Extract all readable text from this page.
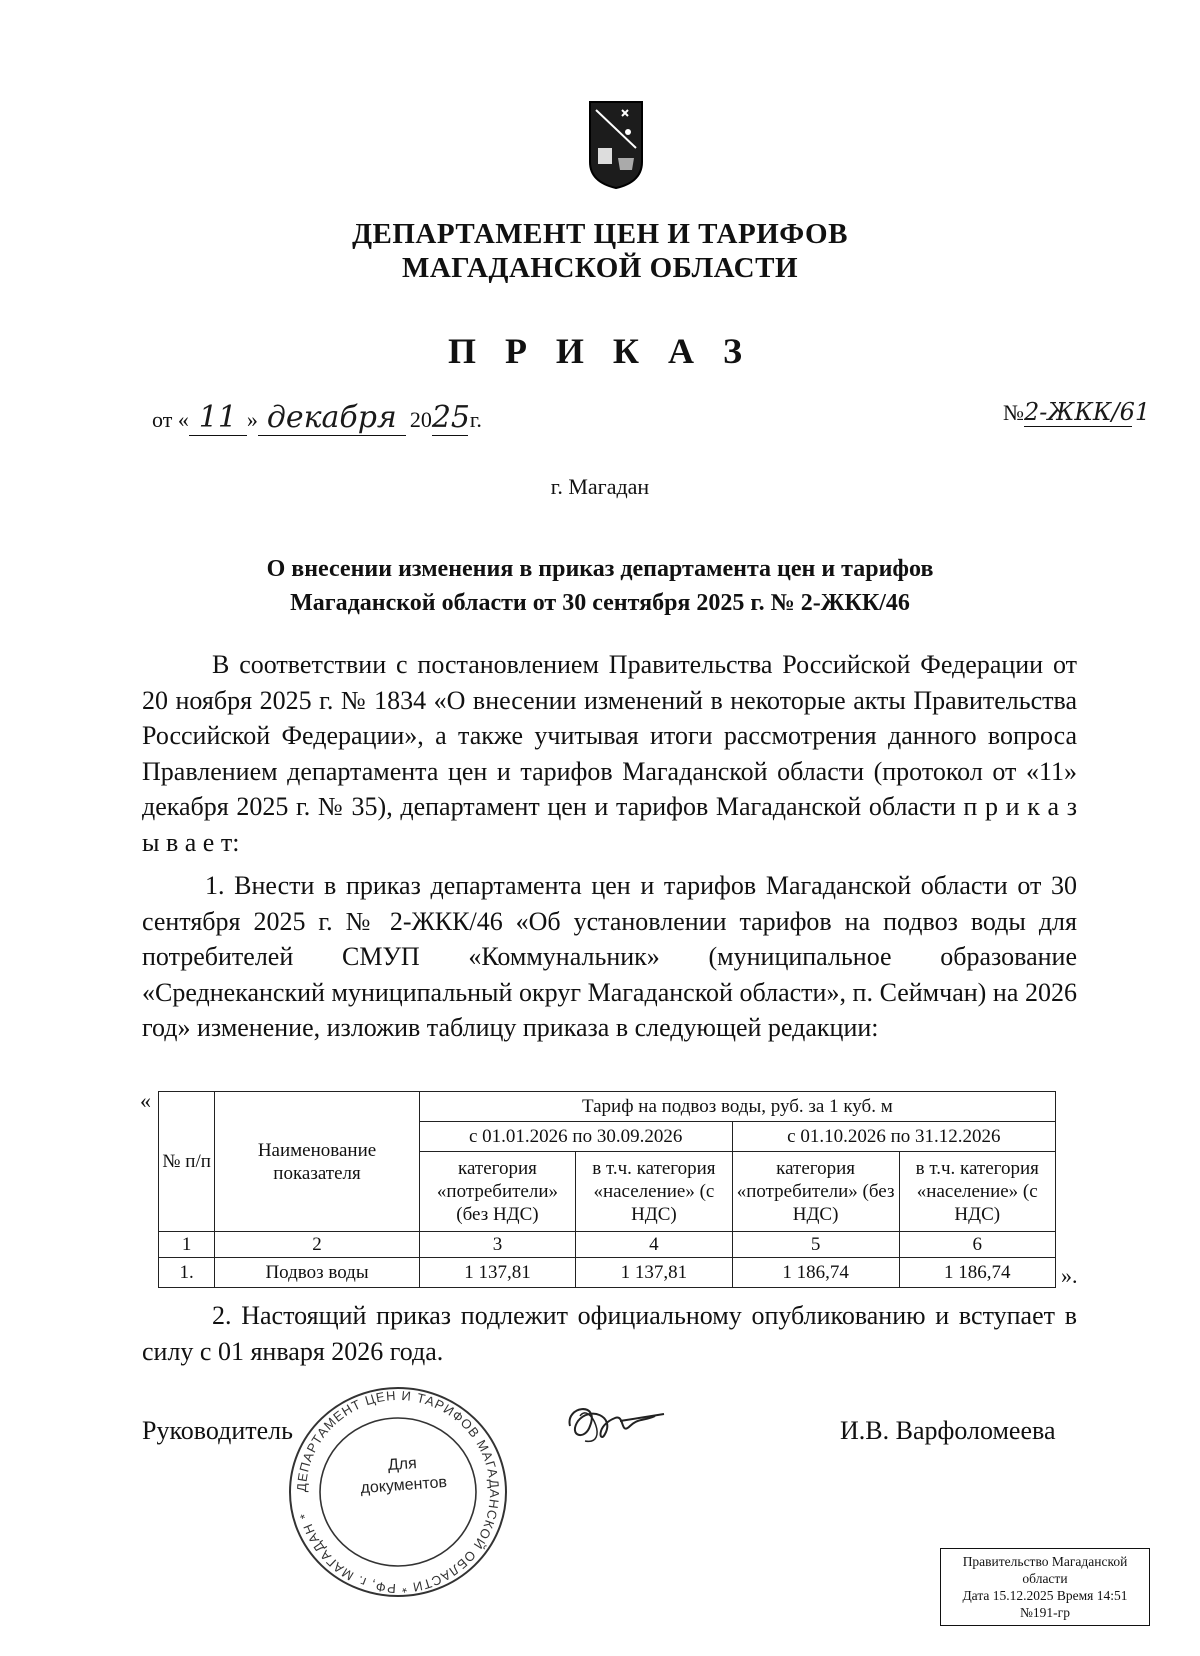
ДЕПАРТАМЕНТ ЦЕН И ТАРИФОВ
МАГАДАНСКОЙ ОБЛАСТИ
П Р И К А З
от « 11 » декабря 2025г.	№2-ЖКК/61
г. Магадан
О внесении изменения в приказ департамента цен и тарифов
Магаданской области от 30 сентября 2025 г. № 2-ЖКК/46
В соответствии с постановлением Правительства Российской Федерации от 20 ноября 2025 г. № 1834 «О внесении изменений в некоторые акты Правительства Российской Федерации», а также учитывая итоги рассмотрения данного вопроса Правлением департамента цен и тарифов Магаданской области (протокол от «11» декабря 2025 г. № 35), департамент цен и тарифов Магаданской области п р и к а з ы в а е т:
1. Внести в приказ департамента цен и тарифов Магаданской области от 30 сентября 2025 г. № 2-ЖКК/46 «Об установлении тарифов на подвоз воды для потребителей СМУП «Коммунальник» (муниципальное образование «Среднеканский муниципальный округ Магаданской области», п. Сеймчан) на 2026 год» изменение, изложив таблицу приказа в следующей редакции:
«
№ п/п	Наименование показателя	Тариф на подвоз воды, руб. за 1 куб. м			
		с 01.01.2026 по 30.09.2026		с 01.10.2026 по 31.12.2026	
		категория «потребители» (без НДС)	в т.ч. категория «население» (с НДС)	категория «потребители» (без НДС)	в т.ч. категория «население» (с НДС)
1	2	3	4	5	6
1.	Подвоз воды	1 137,81	1 137,81	1 186,74	1 186,74 ».
2. Настоящий приказ подлежит официальному опубликованию и вступает в силу с 01 января 2026 года.
Руководитель
ДЕПАРТАМЕНТ ЦЕН И ТАРИФОВ МАГАДАНСКОЙ ОБЛАСТИ * РФ, г. МАГАДАН *
Для
документов
И.В. Варфоломеева
Правительство Магаданской
области
Дата 15.12.2025 Время 14:51
№191-гр
